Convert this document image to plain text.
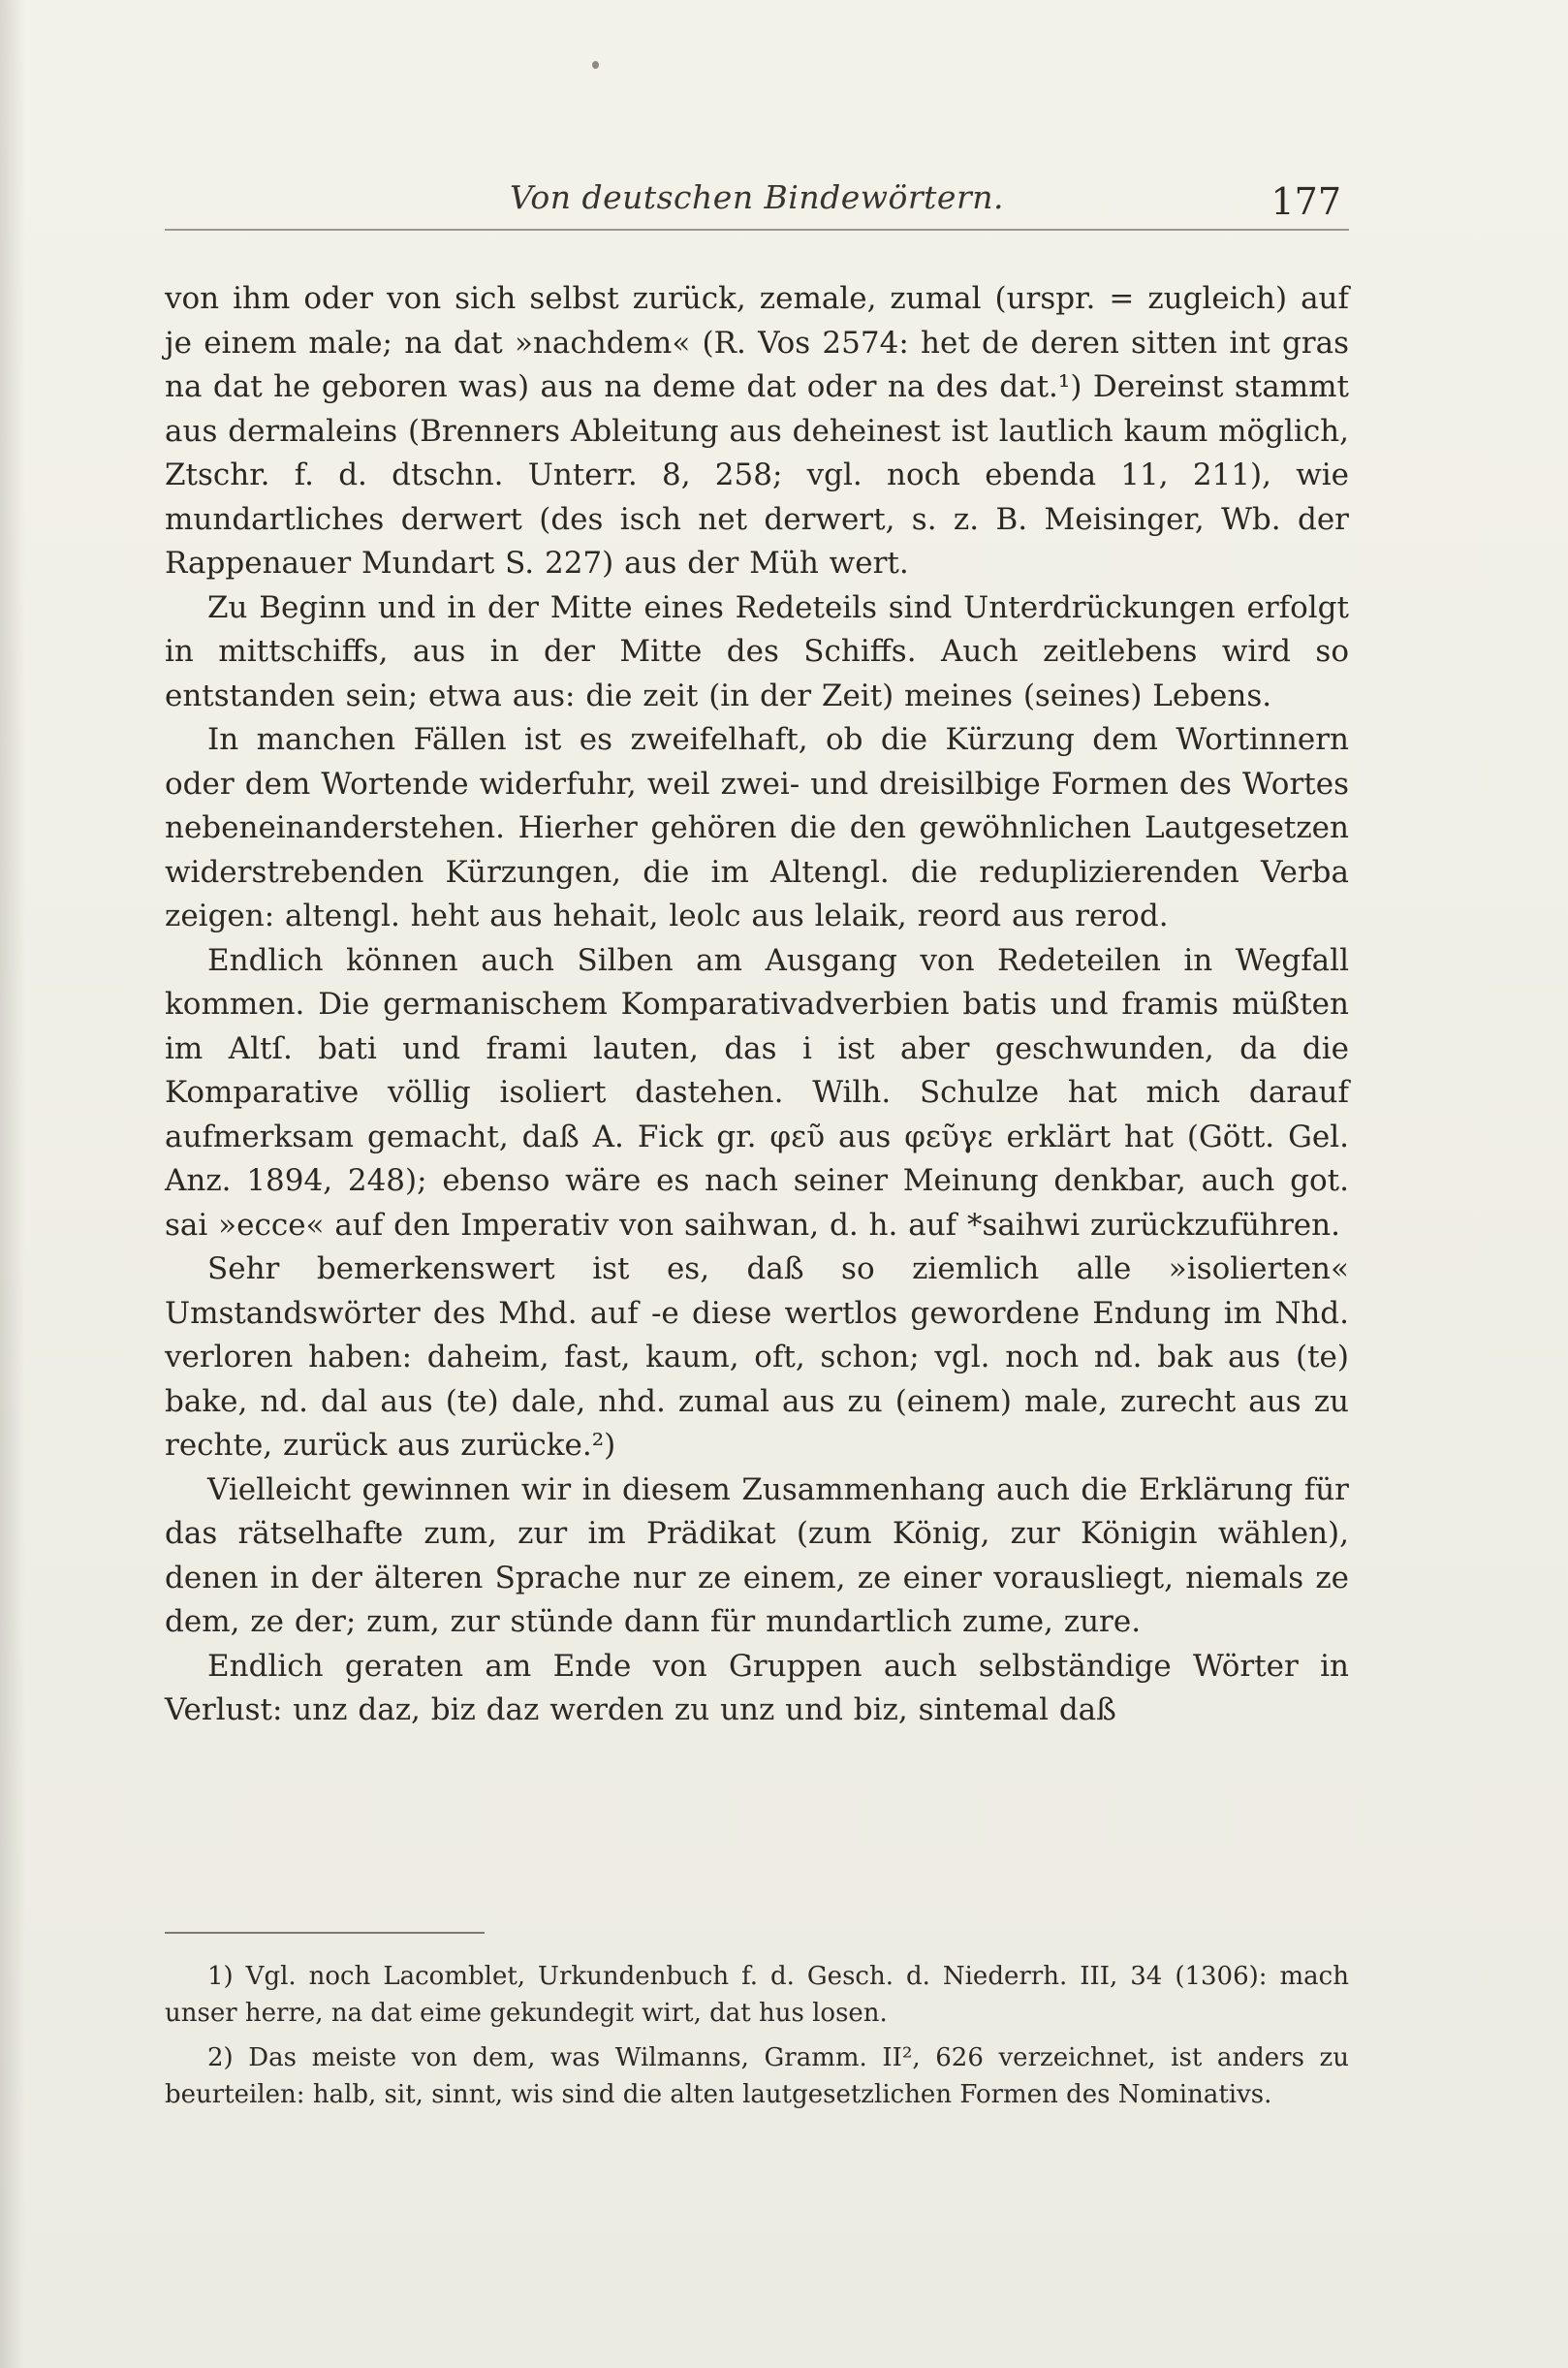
Von deutschen Bindewörtern.	177

von ihm oder von sich selbst zurück, zemale, zumal (urspr. = zugleich) auf je einem male; na dat »nachdem« (R. Vos 2574: het de deren sitten int gras na dat he geboren was) aus na deme dat oder na des dat.¹) Dereinst stammt aus dermaleins (Brenners Ableitung aus deheinest ist lautlich kaum möglich, Ztschr. f. d. dtschn. Unterr. 8, 258; vgl. noch ebenda 11, 211), wie mundartliches derwert (des isch net derwert, s. z. B. Meisinger, Wb. der Rappenauer Mundart S. 227) aus der Müh wert.

Zu Beginn und in der Mitte eines Redeteils sind Unterdrückungen erfolgt in mittschiffs, aus in der Mitte des Schiffs. Auch zeitlebens wird so entstanden sein; etwa aus: die zeit (in der Zeit) meines (seines) Lebens.

In manchen Fällen ist es zweifelhaft, ob die Kürzung dem Wortinnern oder dem Wortende widerfuhr, weil zwei- und dreisilbige Formen des Wortes nebeneinanderstehen. Hierher gehören die den gewöhnlichen Lautgesetzen widerstrebenden Kürzungen, die im Altengl. die reduplizierenden Verba zeigen: altengl. heht aus hehait, leolc aus lelaik, reord aus rerod.

Endlich können auch Silben am Ausgang von Redeteilen in Wegfall kommen. Die germanischem Komparativadverbien batis und framis müßten im Altſ. bati und frami lauten, das i ist aber geschwunden, da die Komparative völlig isoliert dastehen. Wilh. Schulze hat mich darauf aufmerksam gemacht, daß A. Fick gr. φεῦ aus φεῦγε erklärt hat (Gött. Gel. Anz. 1894, 248); ebenso wäre es nach seiner Meinung denkbar, auch got. sai »ecce« auf den Imperativ von saihwan, d. h. auf *saihwi zurückzuführen.

Sehr bemerkenswert ist es, daß so ziemlich alle »isolierten« Umstandswörter des Mhd. auf -e diese wertlos gewordene Endung im Nhd. verloren haben: daheim, fast, kaum, oft, schon; vgl. noch nd. bak aus (te) bake, nd. dal aus (te) dale, nhd. zumal aus zu (einem) male, zurecht aus zu rechte, zurück aus zurücke.²)

Vielleicht gewinnen wir in diesem Zusammenhang auch die Erklärung für das rätselhafte zum, zur im Prädikat (zum König, zur Königin wählen), denen in der älteren Sprache nur ze einem, ze einer vorausliegt, niemals ze dem, ze der; zum, zur stünde dann für mundartlich zume, zure.

Endlich geraten am Ende von Gruppen auch selbständige Wörter in Verlust: unz daz, biz daz werden zu unz und biz, sintemal daß

1) Vgl. noch Lacomblet, Urkundenbuch f. d. Gesch. d. Niederrh. III, 34 (1306): mach unser herre, na dat eime gekundegit wirt, dat hus losen.

2) Das meiste von dem, was Wilmanns, Gramm. II², 626 verzeichnet, ist anders zu beurteilen: halb, sit, sinnt, wis sind die alten lautgesetzlichen Formen des Nominativs.
